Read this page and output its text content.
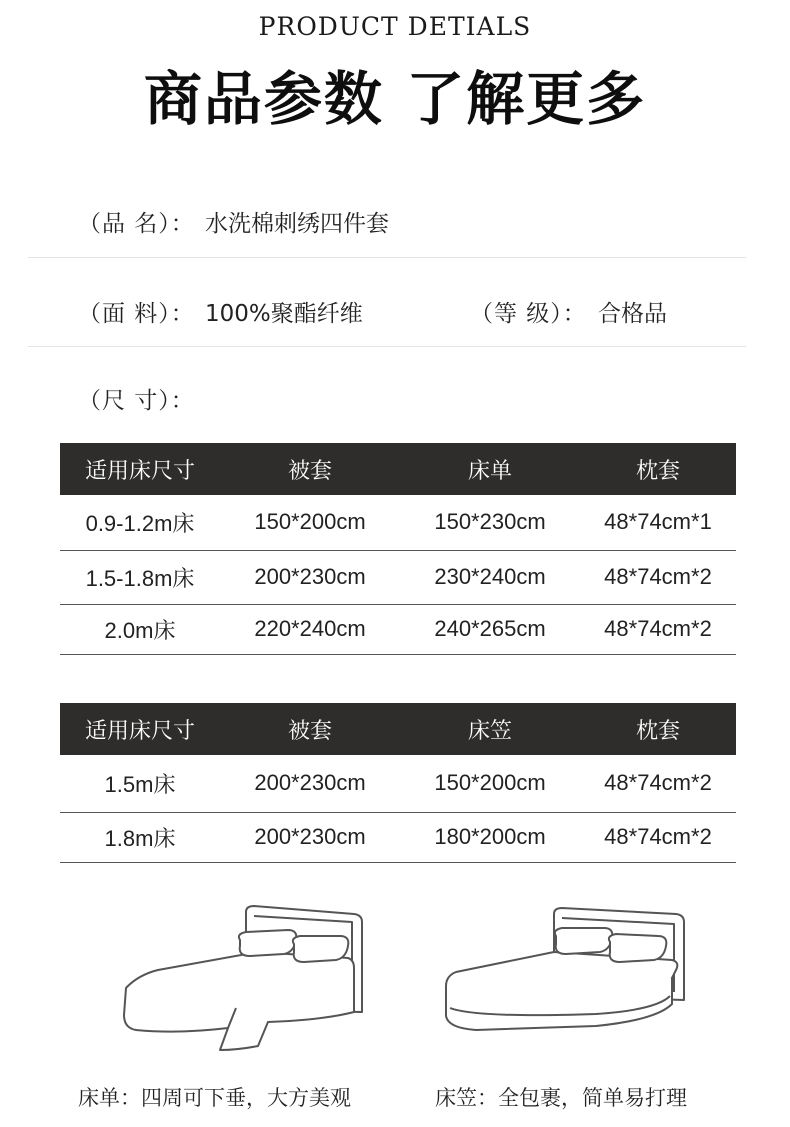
PRODUCT DETIALS
商品参数 了解更多
（品 名）： 水洗棉刺绣四件套
（面 料）： 100%聚酯纤维	（等 级）： 合格品
（尺 寸）：
适用床尺寸	被套	床单	枕套
0.9-1.2m床	150*200cm	150*230cm	48*74cm*1
1.5-1.8m床	200*230cm	230*240cm	48*74cm*2
2.0m床	220*240cm	240*265cm	48*74cm*2
适用床尺寸	被套	床笠	枕套
1.5m床	200*230cm	150*200cm	48*74cm*2
1.8m床	200*230cm	180*200cm	48*74cm*2
床单：四周可下垂，大方美观	床笠：全包裹，简单易打理
